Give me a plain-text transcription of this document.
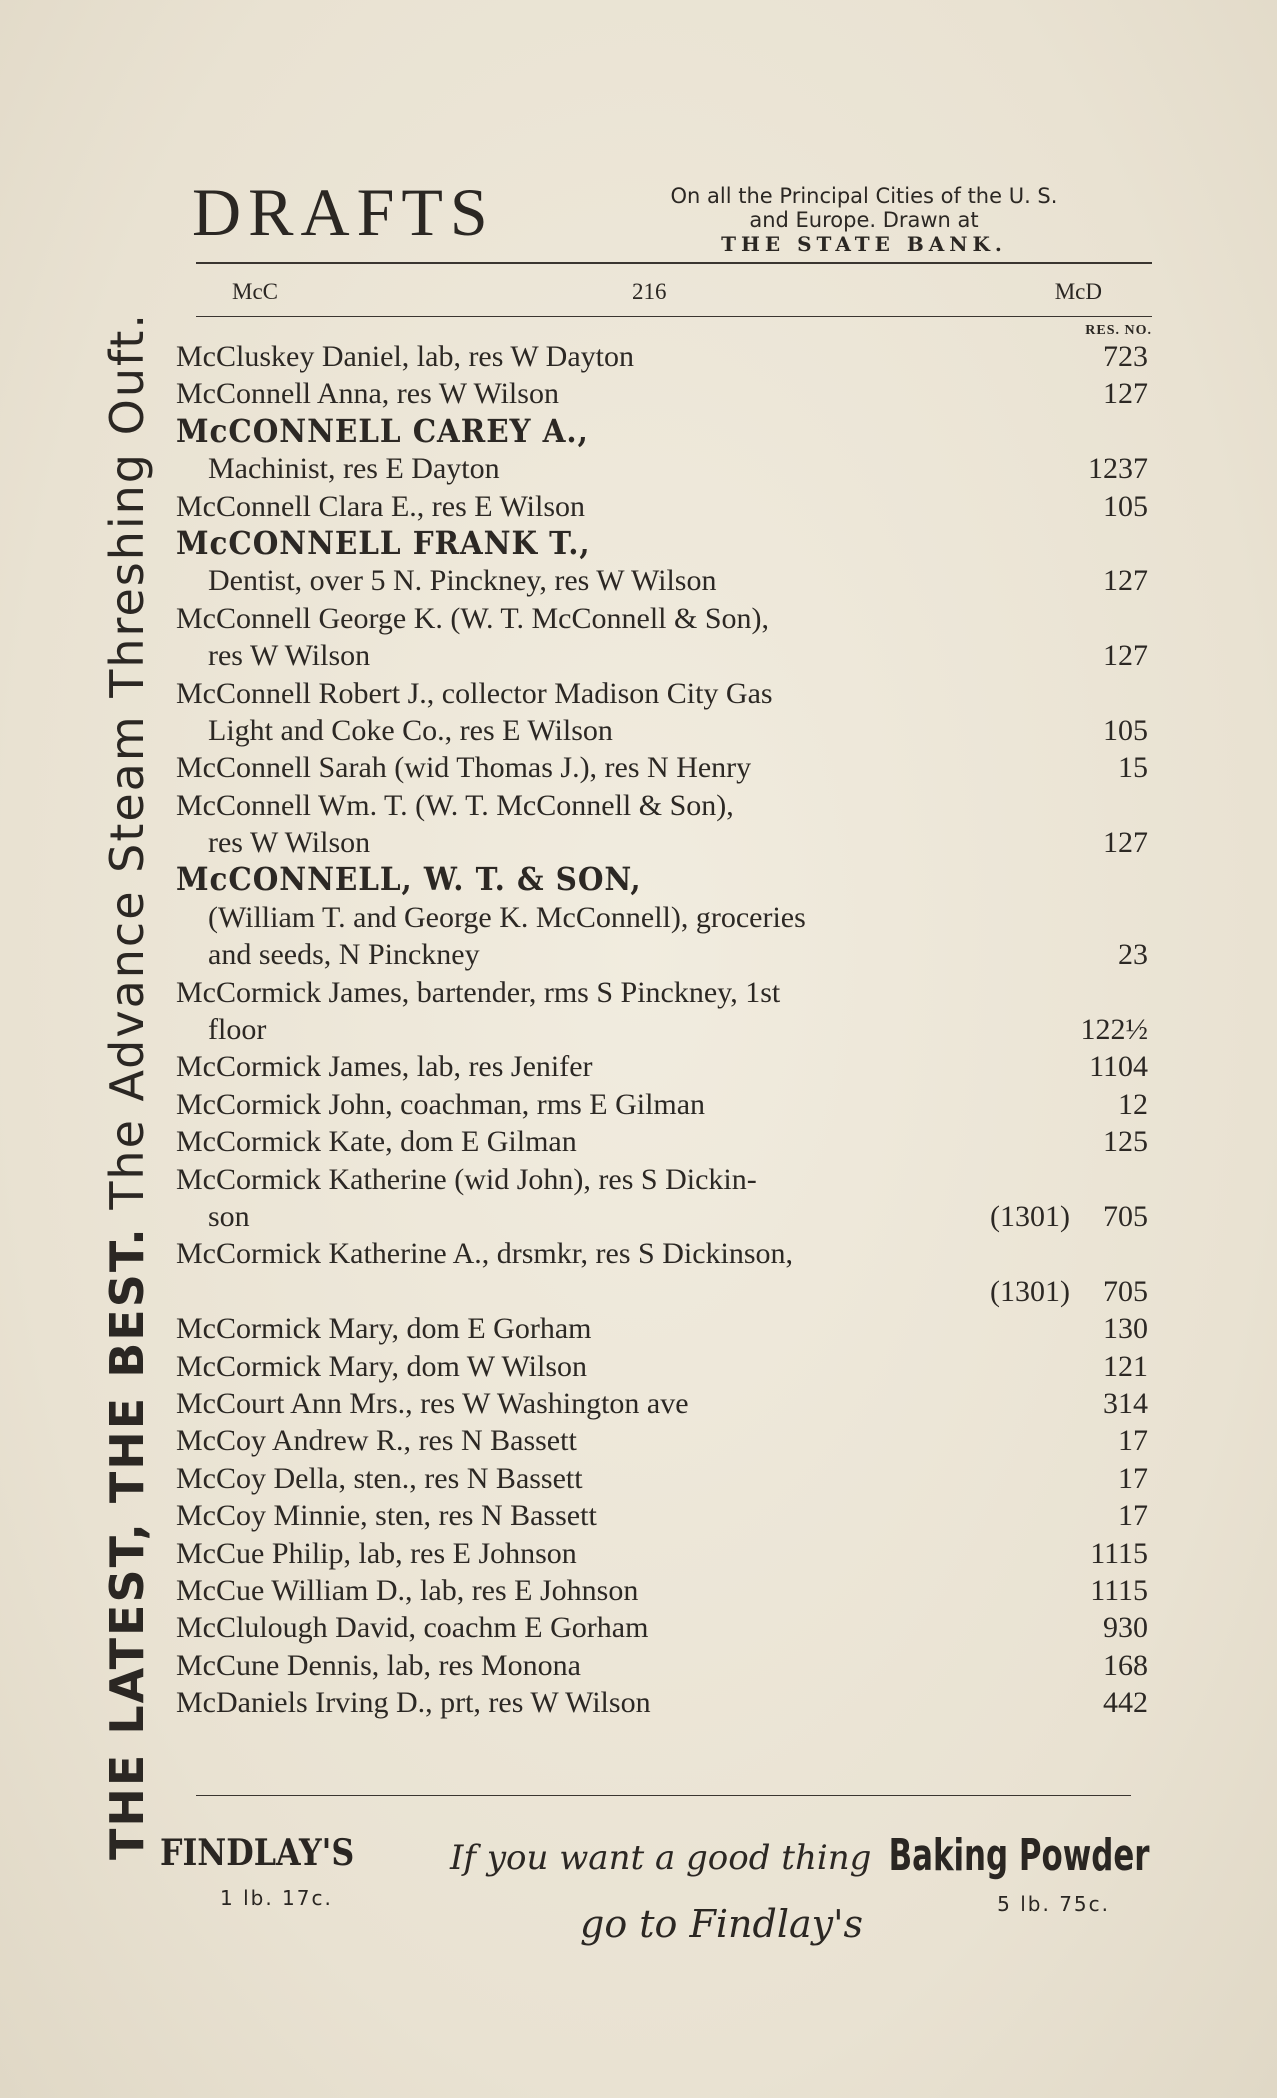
THE LATEST, THE BEST. The Advance Steam Threshing Ouft.
DRAFTS	On all the Principal Cities of the U. S.
and Europe. Drawn at
THE STATE BANK.
McC	216	McD
RES. NO.
McCluskey Daniel, lab, res W Dayton	723
McConnell Anna, res W Wilson	127
McCONNELL CAREY A.,
Machinist, res E Dayton	1237
McConnell Clara E., res E Wilson	105
McCONNELL FRANK T.,
Dentist, over 5 N. Pinckney, res W Wilson	127
McConnell George K. (W. T. McConnell & Son),
res W Wilson	127
McConnell Robert J., collector Madison City Gas
Light and Coke Co., res E Wilson	105
McConnell Sarah (wid Thomas J.), res N Henry	15
McConnell Wm. T. (W. T. McConnell & Son),
res W Wilson	127
McCONNELL, W. T. & SON,
(William T. and George K. McConnell), groceries
and seeds, N Pinckney	23
McCormick James, bartender, rms S Pinckney, 1st
floor	122½
McCormick James, lab, res Jenifer	1104
McCormick John, coachman, rms E Gilman	12
McCormick Kate, dom E Gilman	125
McCormick Katherine (wid John), res S Dickin-
son	(1301) 705
McCormick Katherine A., drsmkr, res S Dickinson,
(1301) 705
McCormick Mary, dom E Gorham	130
McCormick Mary, dom W Wilson	121
McCourt Ann Mrs., res W Washington ave	314
McCoy Andrew R., res N Bassett	17
McCoy Della, sten., res N Bassett	17
McCoy Minnie, sten, res N Bassett	17
McCue Philip, lab, res E Johnson	1115
McCue William D., lab, res E Johnson	1115
McClulough David, coachm E Gorham	930
McCune Dennis, lab, res Monona	168
McDaniels Irving D., prt, res W Wilson	442
FINDLAY'S
1 lb. 17c.
If you want a good thing
go to Findlay's
Baking Powder
5 lb. 75c.
